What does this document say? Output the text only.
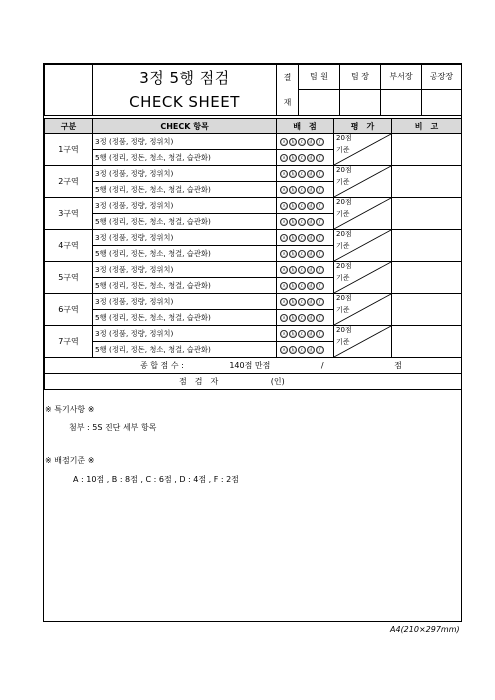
	3정 5행 점검	결	팀 원	팀 장	부서장	공장장
	CHECK SHEET	재				
구분	CHECK 항목	배　점	평　가	비　고
1구역	3정 (정품, 정량, 정위치)	ⓐ ⓑ ⓒ ⓓ ⓕ	20점
기준	

	5행 (정리, 정돈, 청소, 청결, 습관화)	ⓐ ⓑ ⓒ ⓓ ⓕ		
2구역	3정 (정품, 정량, 정위치)	ⓐ ⓑ ⓒ ⓓ ⓕ	20점
기준	

	5행 (정리, 정돈, 청소, 청결, 습관화)	ⓐ ⓑ ⓒ ⓓ ⓕ		
3구역	3정 (정품, 정량, 정위치)	ⓐ ⓑ ⓒ ⓓ ⓕ	20점
기준	

	5행 (정리, 정돈, 청소, 청결, 습관화)	ⓐ ⓑ ⓒ ⓓ ⓕ		
4구역	3정 (정품, 정량, 정위치)	ⓐ ⓑ ⓒ ⓓ ⓕ	20점
기준	

	5행 (정리, 정돈, 청소, 청결, 습관화)	ⓐ ⓑ ⓒ ⓓ ⓕ		
5구역	3정 (정품, 정량, 정위치)	ⓐ ⓑ ⓒ ⓓ ⓕ	20점
기준	

	5행 (정리, 정돈, 청소, 청결, 습관화)	ⓐ ⓑ ⓒ ⓓ ⓕ		
6구역	3정 (정품, 정량, 정위치)	ⓐ ⓑ ⓒ ⓓ ⓕ	20점
기준	

	5행 (정리, 정돈, 청소, 청결, 습관화)	ⓐ ⓑ ⓒ ⓓ ⓕ		
7구역	3정 (정품, 정량, 정위치)	ⓐ ⓑ ⓒ ⓓ ⓕ	20점
기준	

	5행 (정리, 정돈, 청소, 청결, 습관화)	ⓐ ⓑ ⓒ ⓓ ⓕ		
종 합 점 수 : 140점 만점 / 점				
점　검　자 (인)				
※ 특기사항 ※
첨부 : 5S 진단 세부 항목
※ 배점기준 ※
A : 10점 , B : 8점 , C : 6점 , D : 4점 , F : 2점
A4(210×297mm)
